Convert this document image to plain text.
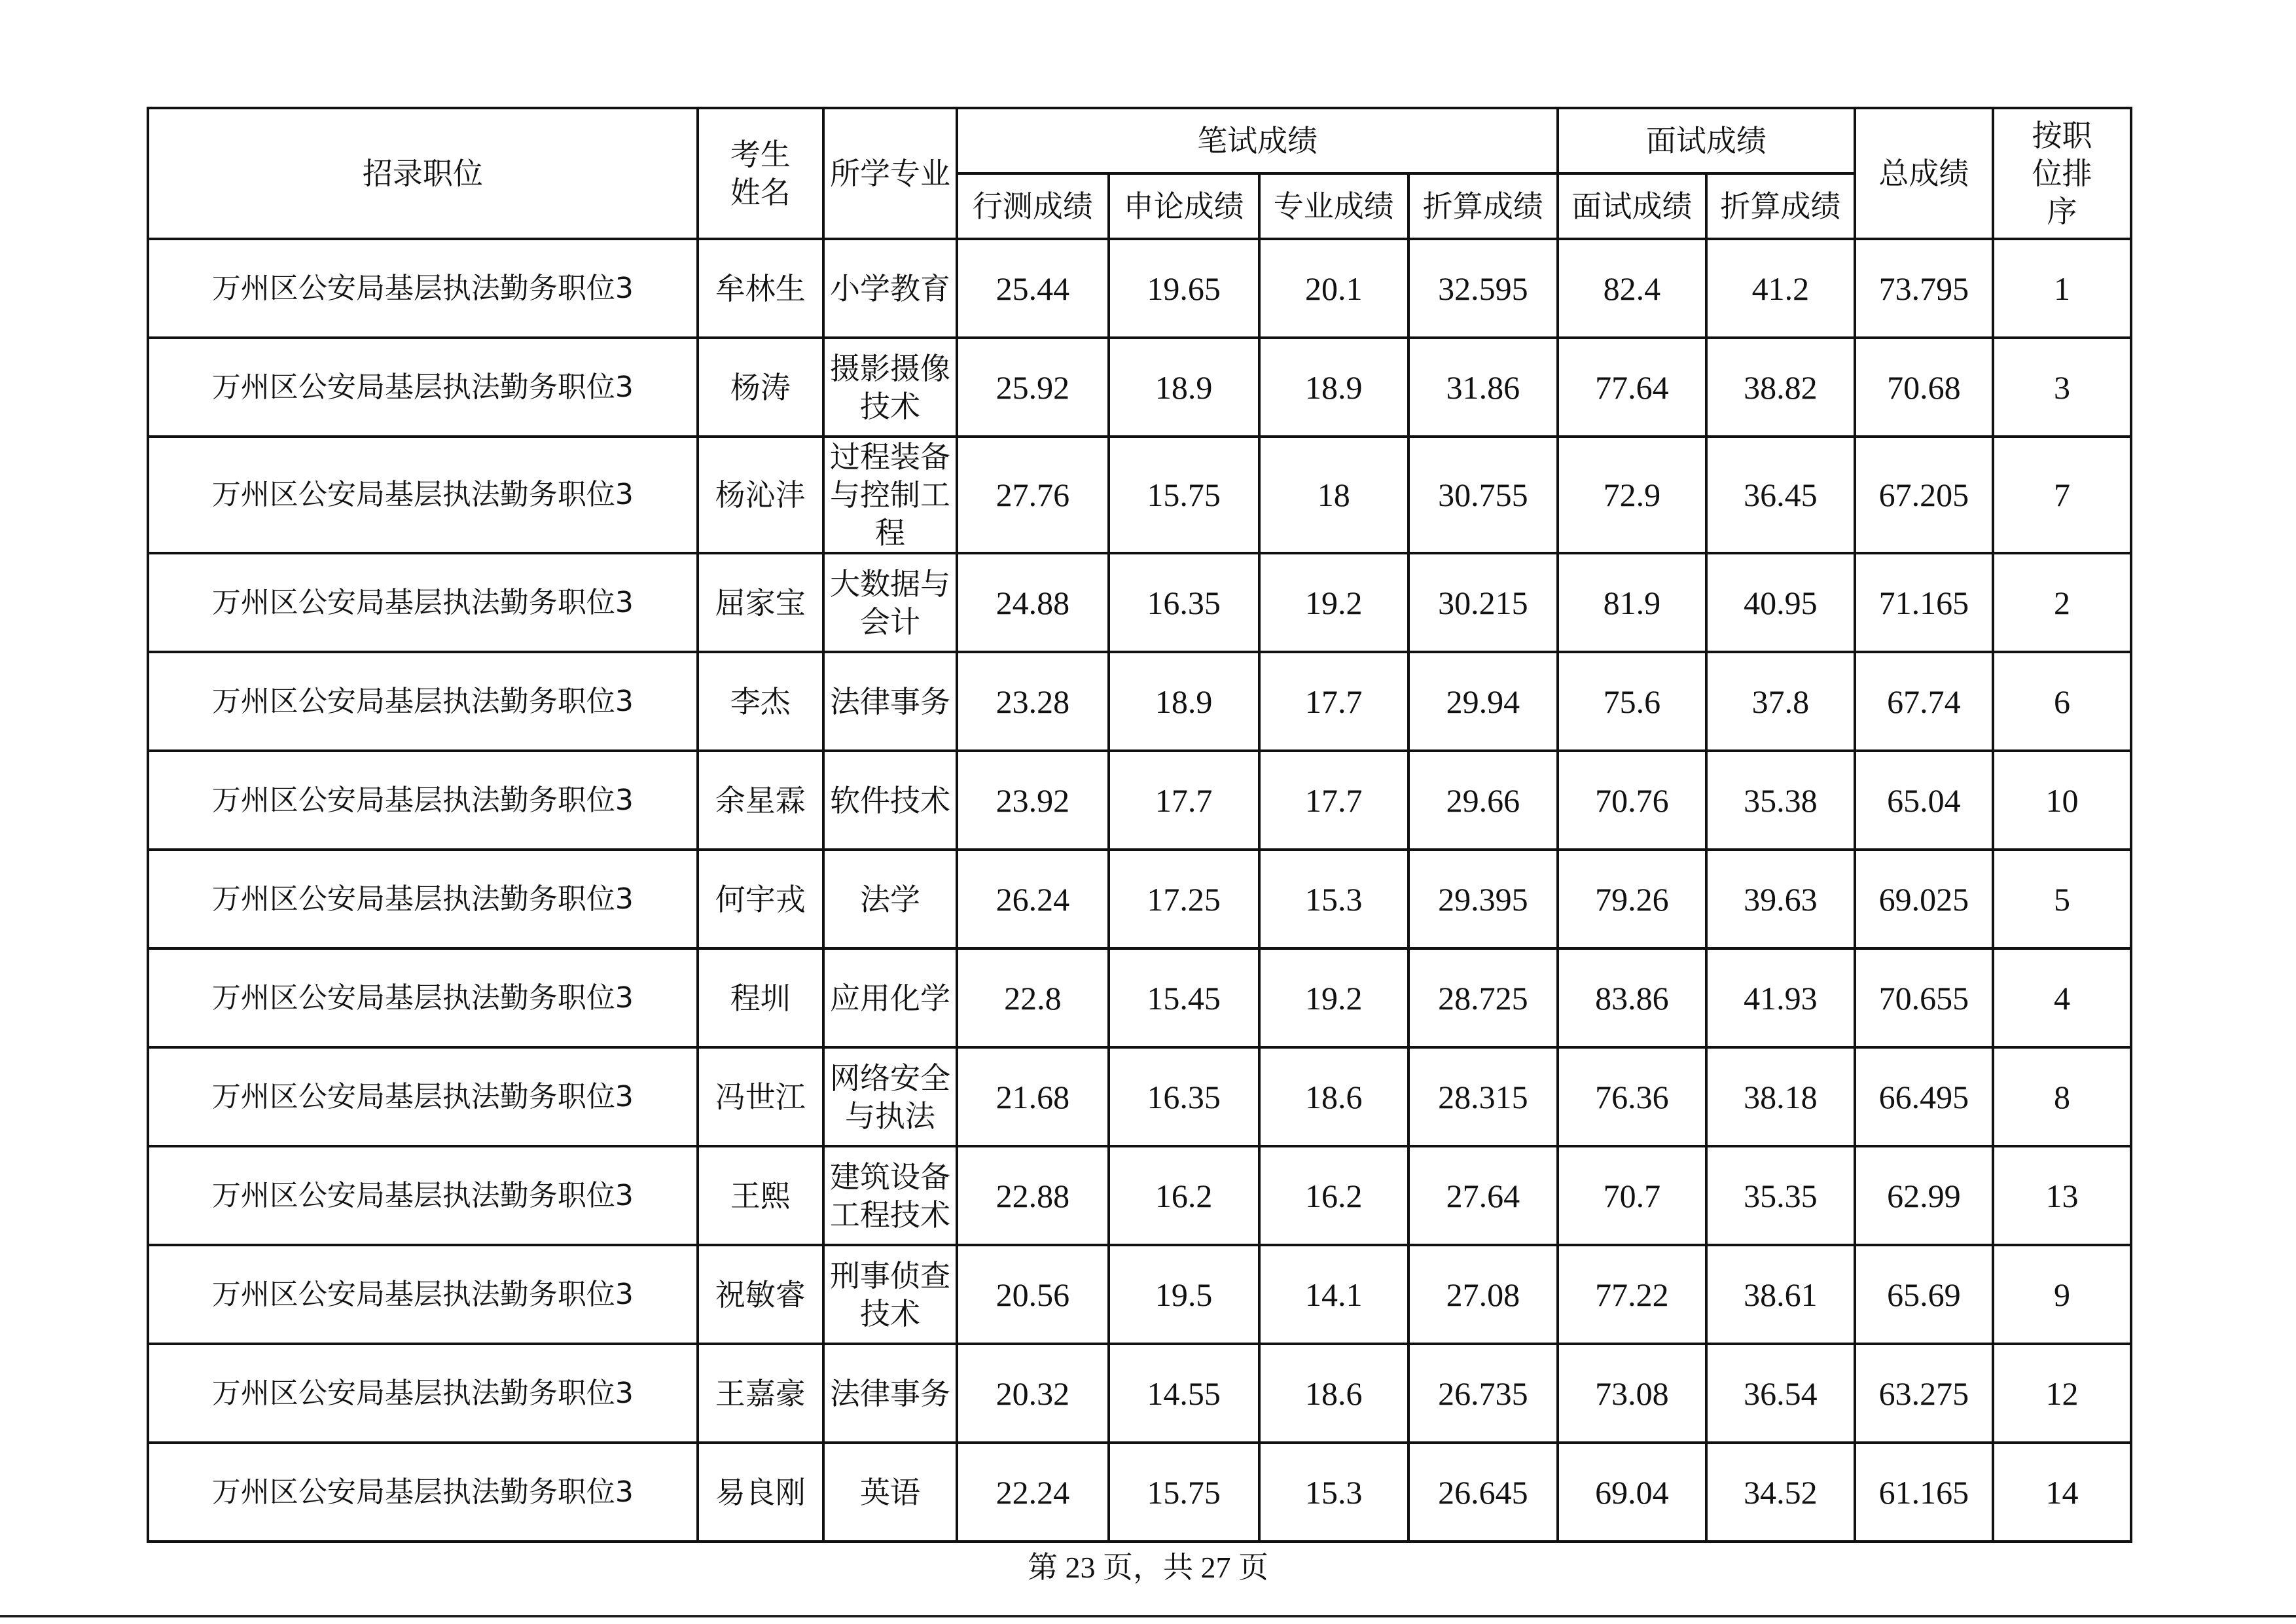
招录职位	考生姓名	所学专业	笔试成绩				面试成绩		总成绩	按职位排序
			行测成绩	申论成绩	专业成绩	折算成绩	面试成绩	折算成绩		
万州区公安局基层执法勤务职位3	牟林生	小学教育	25.44	19.65	20.1	32.595	82.4	41.2	73.795	1
万州区公安局基层执法勤务职位3	杨涛	摄影摄像技术	25.92	18.9	18.9	31.86	77.64	38.82	70.68	3
万州区公安局基层执法勤务职位3	杨沁沣	过程装备与控制工程	27.76	15.75	18	30.755	72.9	36.45	67.205	7
万州区公安局基层执法勤务职位3	屈家宝	大数据与会计	24.88	16.35	19.2	30.215	81.9	40.95	71.165	2
万州区公安局基层执法勤务职位3	李杰	法律事务	23.28	18.9	17.7	29.94	75.6	37.8	67.74	6
万州区公安局基层执法勤务职位3	余星霖	软件技术	23.92	17.7	17.7	29.66	70.76	35.38	65.04	10
万州区公安局基层执法勤务职位3	何宇戎	法学	26.24	17.25	15.3	29.395	79.26	39.63	69.025	5
万州区公安局基层执法勤务职位3	程圳	应用化学	22.8	15.45	19.2	28.725	83.86	41.93	70.655	4
万州区公安局基层执法勤务职位3	冯世江	网络安全与执法	21.68	16.35	18.6	28.315	76.36	38.18	66.495	8
万州区公安局基层执法勤务职位3	王熙	建筑设备工程技术	22.88	16.2	16.2	27.64	70.7	35.35	62.99	13
万州区公安局基层执法勤务职位3	祝敏睿	刑事侦查技术	20.56	19.5	14.1	27.08	77.22	38.61	65.69	9
万州区公安局基层执法勤务职位3	王嘉豪	法律事务	20.32	14.55	18.6	26.735	73.08	36.54	63.275	12
万州区公安局基层执法勤务职位3	易良刚	英语	22.24	15.75	15.3	26.645	69.04	34.52	61.165	14
第 23 页，共 27 页
